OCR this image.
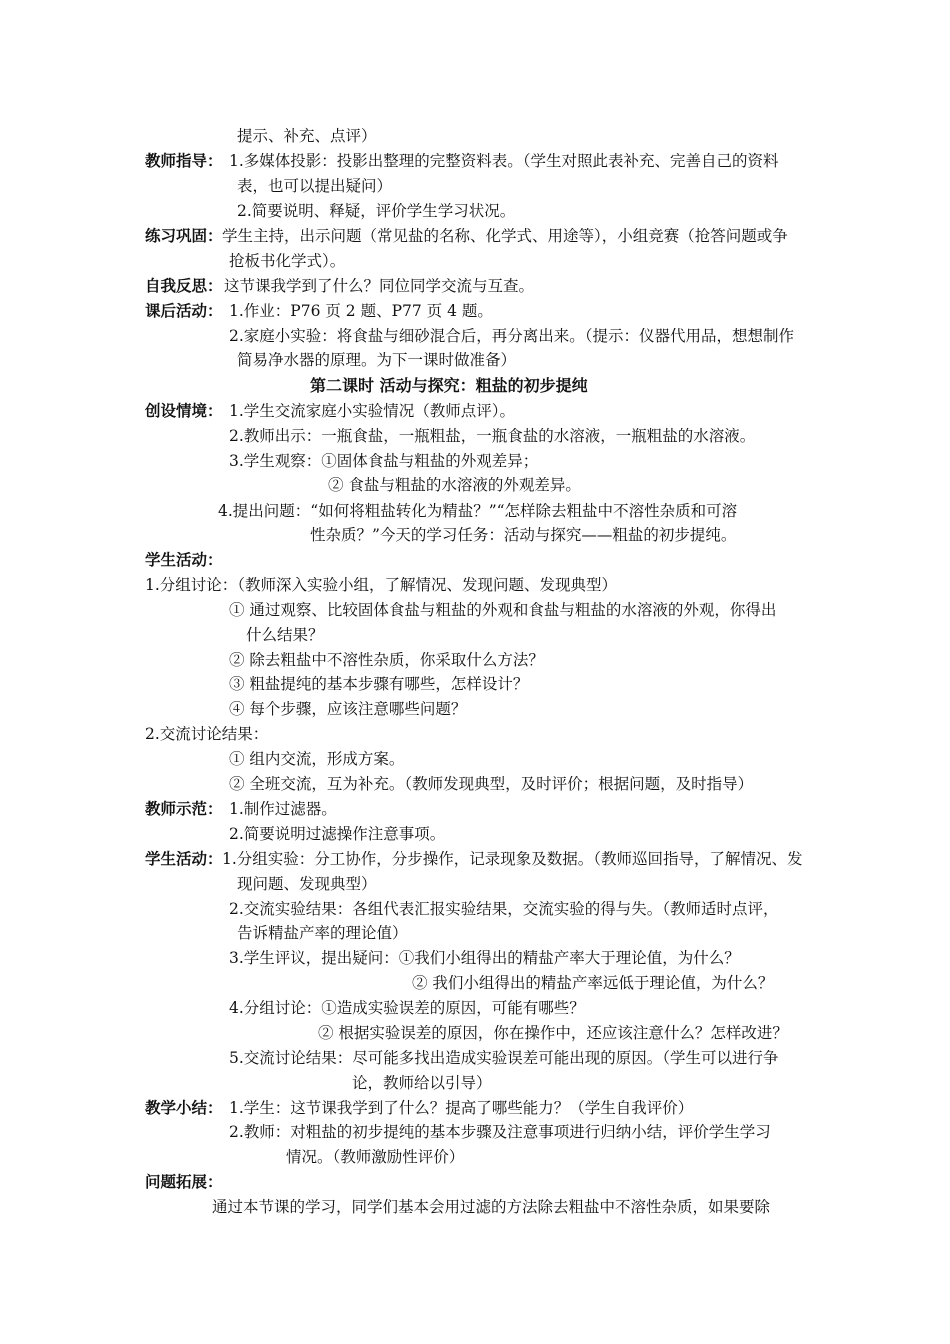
提示、补充、点评）
教师指导： 1.多媒体投影：投影出整理的完整资料表。（学生对照此表补充、完善自己的资料
表，也可以提出疑问）
2.简要说明、释疑，评价学生学习状况。
练习巩固： 学生主持，出示问题（常见盐的名称、化学式、用途等），小组竞赛（抢答问题或争
抢板书化学式）。
自我反思： 这节课我学到了什么？同位同学交流与互查。
课后活动： 1.作业：P76 页 2 题、P77 页 4 题。
2.家庭小实验：将食盐与细砂混合后，再分离出来。（提示：仪器代用品，想想制作
简易净水器的原理。为下一课时做准备）
第二课时 活动与探究：粗盐的初步提纯
创设情境： 1.学生交流家庭小实验情况（教师点评）。
2.教师出示：一瓶食盐，一瓶粗盐，一瓶食盐的水溶液，一瓶粗盐的水溶液。
3.学生观察：①固体食盐与粗盐的外观差异；
② 食盐与粗盐的水溶液的外观差异。
4.提出问题：“如何将粗盐转化为精盐？”“怎样除去粗盐中不溶性杂质和可溶
性杂质？”今天的学习任务：活动与探究——粗盐的初步提纯。
学生活动：
1.分组讨论：（教师深入实验小组，了解情况、发现问题、发现典型）
① 通过观察、比较固体食盐与粗盐的外观和食盐与粗盐的水溶液的外观，你得出
什么结果？
② 除去粗盐中不溶性杂质，你采取什么方法？
③ 粗盐提纯的基本步骤有哪些，怎样设计？
④ 每个步骤，应该注意哪些问题？
2.交流讨论结果：
① 组内交流，形成方案。
② 全班交流，互为补充。（教师发现典型，及时评价；根据问题，及时指导）
教师示范： 1.制作过滤器。
2.简要说明过滤操作注意事项。
学生活动： 1.分组实验：分工协作，分步操作，记录现象及数据。（教师巡回指导，了解情况、发
现问题、发现典型）
2.交流实验结果：各组代表汇报实验结果，交流实验的得与失。（教师适时点评，
告诉精盐产率的理论值）
3.学生评议，提出疑问：①我们小组得出的精盐产率大于理论值，为什么？
② 我们小组得出的精盐产率远低于理论值，为什么？
4.分组讨论：①造成实验误差的原因，可能有哪些？
② 根据实验误差的原因，你在操作中，还应该注意什么？怎样改进？
5.交流讨论结果：尽可能多找出造成实验误差可能出现的原因。（学生可以进行争
论，教师给以引导）
教学小结： 1.学生：这节课我学到了什么？提高了哪些能力？（学生自我评价）
2.教师：对粗盐的初步提纯的基本步骤及注意事项进行归纳小结，评价学生学习
情况。（教师激励性评价）
问题拓展：
通过本节课的学习，同学们基本会用过滤的方法除去粗盐中不溶性杂质，如果要除
